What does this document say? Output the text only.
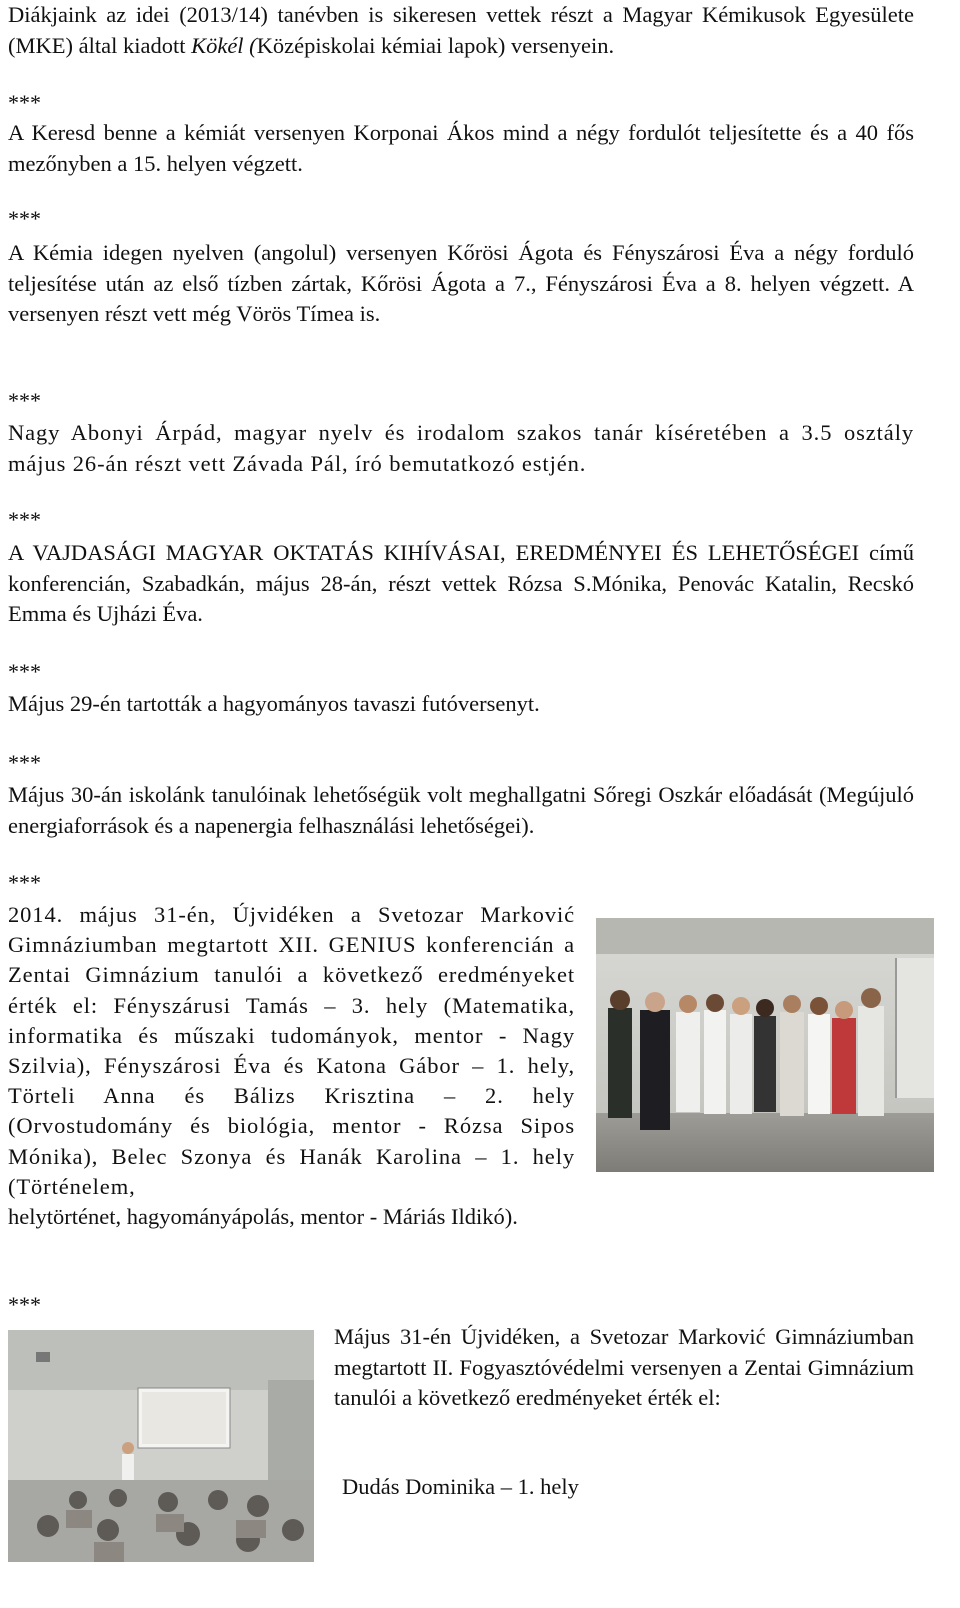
Diákjaink az idei (2013/14) tanévben is sikeresen vettek részt a Magyar Kémikusok Egyesülete (MKE) által kiadott Kökél (Középiskolai kémiai lapok) versenyein.

***

A Keresd benne a kémiát versenyen Korponai Ákos mind a négy fordulót teljesítette és a 40 fős mezőnyben a 15. helyen végzett.

***

A Kémia idegen nyelven (angolul) versenyen Kőrösi Ágota és Fényszárosi Éva a négy forduló teljesítése után az első tízben zártak, Kőrösi Ágota a 7., Fényszárosi Éva a 8. helyen végzett. A versenyen részt vett még Vörös Tímea is.

***

Nagy Abonyi Árpád, magyar nyelv és irodalom szakos tanár kíséretében a 3.5 osztály május 26-án részt vett Závada Pál, író bemutatkozó estjén.

***

A VAJDASÁGI MAGYAR OKTATÁS KIHÍVÁSAI, EREDMÉNYEI ÉS LEHETŐSÉGEI című konferencián, Szabadkán, május 28-án, részt vettek Rózsa S.Mónika, Penovác Katalin, Recskó Emma és Ujházi Éva.

***

Május 29-én tartották a hagyományos tavaszi futóversenyt.

***

Május 30-án iskolánk tanulóinak lehetőségük volt meghallgatni Sőregi Oszkár előadását (Megújuló energiaforrások és a napenergia felhasználási lehetőségei).

***

2014. május 31-én, Újvidéken a Svetozar Marković Gimnáziumban megtartott XII. GENIUS konferencián a Zentai Gimnázium tanulói a következő eredményeket érték el: Fényszárusi Tamás – 3. hely (Matematika, informatika és műszaki tudományok, mentor - Nagy Szilvia), Fényszárosi Éva és Katona Gábor – 1. hely, Törteli Anna és Bálizs Krisztina – 2. hely (Orvostudomány és biológia, mentor - Rózsa Sipos Mónika), Belec Szonya és Hanák Karolina – 1. hely (Történelem,

helytörténet, hagyományápolás, mentor - Máriás Ildikó).

***

Május 31-én Újvidéken, a Svetozar Marković Gimnáziumban megtartott II. Fogyasztóvédelmi versenyen a Zentai Gimnázium tanulói a következő eredményeket érték el:

Dudás Dominika – 1. hely
